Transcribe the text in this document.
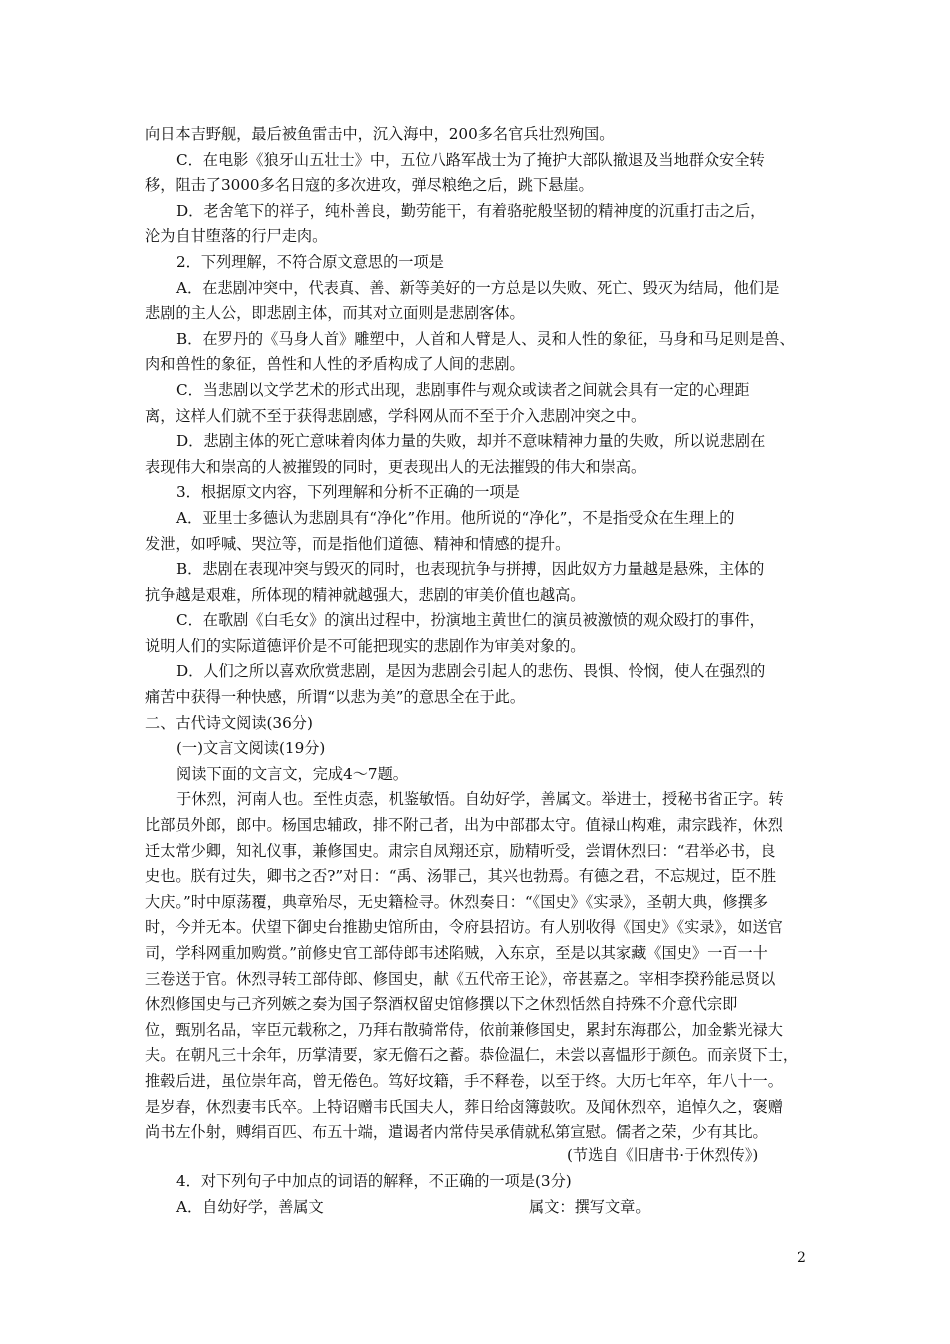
向日本吉野舰，最后被鱼雷击中，沉入海中，200多名官兵壮烈殉国。
C．在电影《狼牙山五壮士》中，五位八路军战士为了掩护大部队撤退及当地群众安全转
移，阻击了3000多名日寇的多次进攻，弹尽粮绝之后，跳下悬崖。
D．老舍笔下的祥子，纯朴善良，勤劳能干，有着骆驼般坚韧的精神度的沉重打击之后，
沦为自甘堕落的行尸走肉。
2．下列理解，不符合原文意思的一项是
A．在悲剧冲突中，代表真、善、新等美好的一方总是以失败、死亡、毁灭为结局，他们是
悲剧的主人公，即悲剧主体，而其对立面则是悲剧客体。
B．在罗丹的《马身人首》雕塑中，人首和人臂是人、灵和人性的象征，马身和马足则是兽、
肉和兽性的象征，兽性和人性的矛盾构成了人间的悲剧。
C．当悲剧以文学艺术的形式出现，悲剧事件与观众或读者之间就会具有一定的心理距
离，这样人们就不至于获得悲剧感，学科网从而不至于介入悲剧冲突之中。
D．悲剧主体的死亡意味着肉体力量的失败，却并不意味精神力量的失败，所以说悲剧在
表现伟大和崇高的人被摧毁的同时，更表现出人的无法摧毁的伟大和崇高。
3．根据原文内容，下列理解和分析不正确的一项是
A．亚里士多德认为悲剧具有“净化”作用。他所说的“净化”，不是指受众在生理上的
发泄，如呼喊、哭泣等，而是指他们道德、精神和情感的提升。
B．悲剧在表现冲突与毁灭的同时，也表现抗争与拼搏，因此奴方力量越是悬殊，主体的
抗争越是艰难，所体现的精神就越强大，悲剧的审美价值也越高。
C．在歌剧《白毛女》的演出过程中，扮演地主黄世仁的演员被激愤的观众殴打的事件，
说明人们的实际道德评价是不可能把现实的悲剧作为审美对象的。
D．人们之所以喜欢欣赏悲剧，是因为悲剧会引起人的悲伤、畏惧、怜悯，使人在强烈的
痛苦中获得一种快感，所谓“以悲为美”的意思全在于此。
二、古代诗文阅读(36分)
(一)文言文阅读(19分)
阅读下面的文言文，完成4～7题。
于休烈，河南人也。至性贞悫，机鉴敏悟。自幼好学，善属文。举进士，授秘书省正字。转
比部员外郎，郎中。杨国忠辅政，排不附己者，出为中部郡太守。值禄山构难，肃宗践祚，休烈
迁太常少卿，知礼仪事，兼修国史。肃宗自凤翔还京，励精听受，尝谓休烈曰：“君举必书，良
史也。朕有过失，卿书之否?”对日：“禹、汤罪己，其兴也勃焉。有德之君，不忘规过，臣不胜
大庆。”时中原荡覆，典章殆尽，无史籍检寻。休烈奏日：“《国史》《实录》，圣朝大典，修撰多
时，今并无本。伏望下御史台推勘史馆所由，令府县招访。有人别收得《国史》《实录》，如送官
司，学科网重加购赏。”前修史官工部侍郎韦述陷贼，入东京，至是以其家藏《国史》一百一十
三卷送于官。休烈寻转工部侍郎、修国史，献《五代帝王论》，帝甚嘉之。宰相李揆矜能忌贤以
休烈修国史与己齐列嫉之奏为国子祭酒权留史馆修撰以下之休烈恬然自持殊不介意代宗即
位，甄别名品，宰臣元载称之，乃拜右散骑常侍，依前兼修国史，累封东海郡公，加金紫光禄大
夫。在朝凡三十余年，历掌清要，家无儋石之蓄。恭俭温仁，未尝以喜愠形于颜色。而亲贤下士，
推毂后进，虽位崇年高，曾无倦色。笃好坟籍，手不释卷，以至于终。大历七年卒，年八十一。
是岁春，休烈妻韦氏卒。上特诏赠韦氏国夫人，葬日给卤簿鼓吹。及闻休烈卒，追悼久之，褒赠
尚书左仆射，赙绢百匹、布五十端，遣谒者内常侍吴承倩就私第宣慰。儒者之荣，少有其比。
(节选自《旧唐书·于休烈传》)
4．对下列句子中加点的词语的解释，不正确的一项是(3分)
A．自幼好学，善属文	属文：撰写文章。
2
